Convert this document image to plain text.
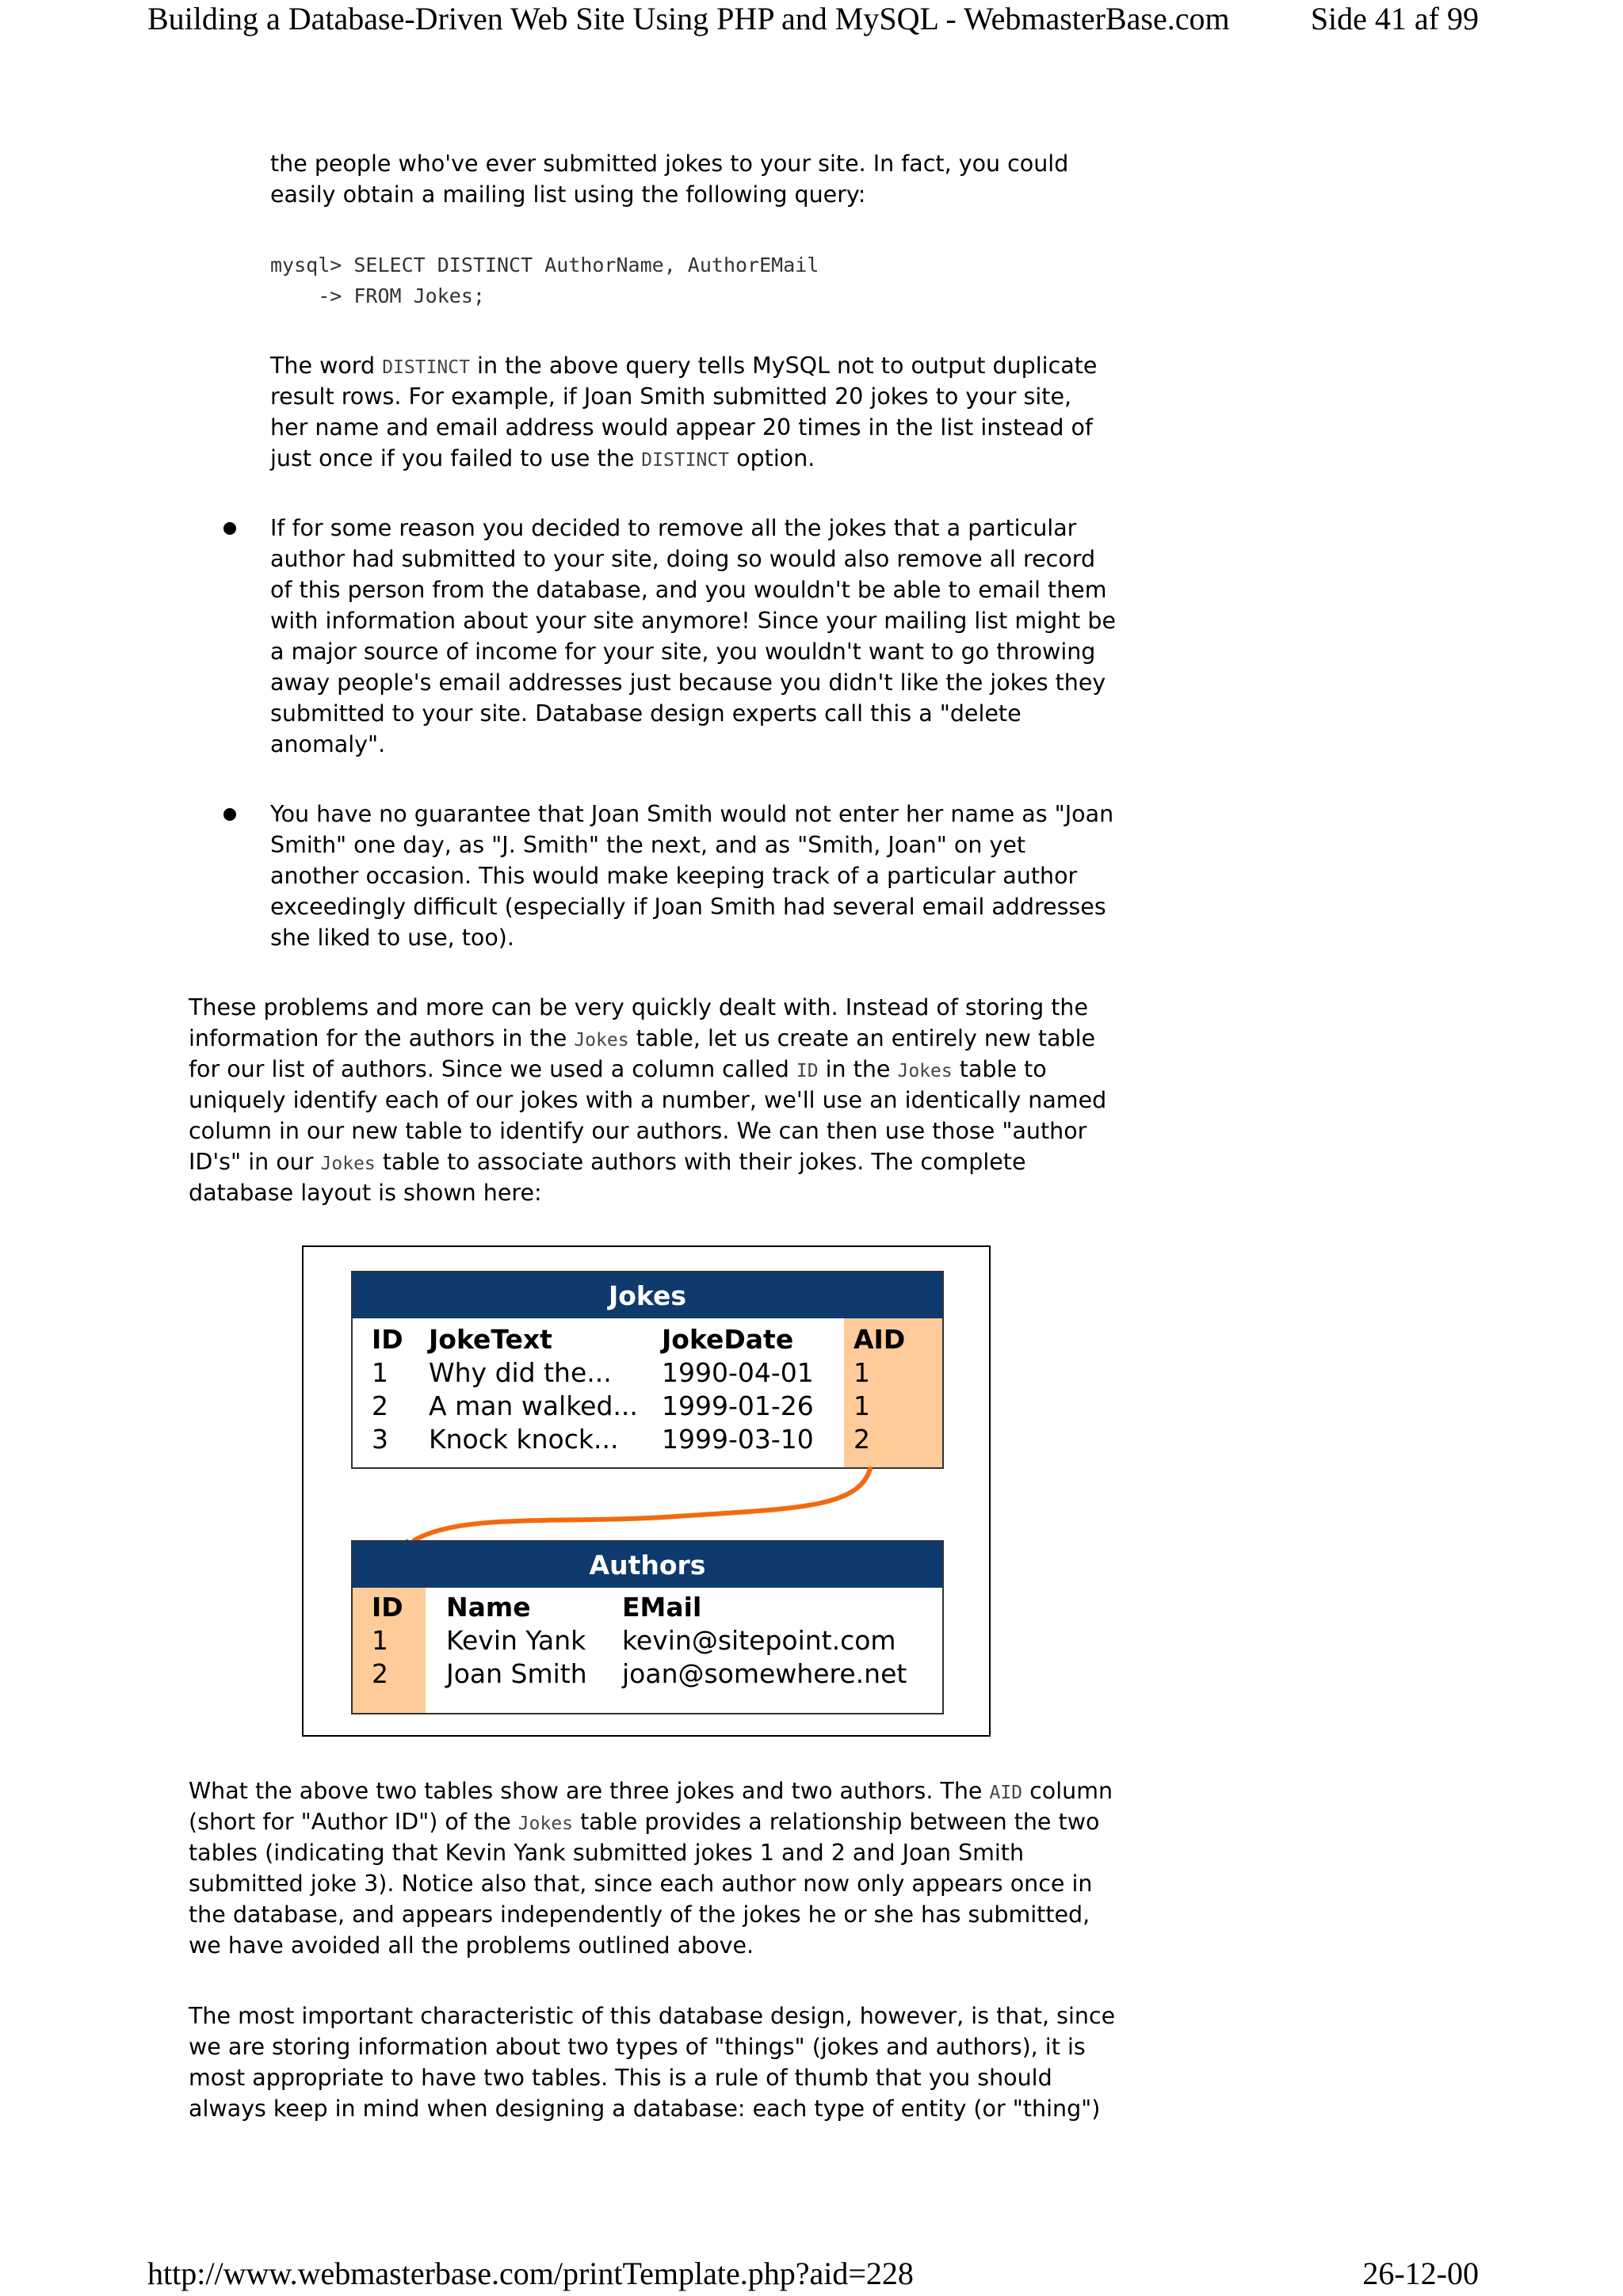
Building a Database-Driven Web Site Using PHP and MySQL - WebmasterBase.com	Side 41 af 99
the people who've ever submitted jokes to your site. In fact, you could
easily obtain a mailing list using the following query:
mysql> SELECT DISTINCT AuthorName, AuthorEMail
-> FROM Jokes;
The word DISTINCT in the above query tells MySQL not to output duplicate
result rows. For example, if Joan Smith submitted 20 jokes to your site,
her name and email address would appear 20 times in the list instead of
just once if you failed to use the DISTINCT option.
If for some reason you decided to remove all the jokes that a particular
author had submitted to your site, doing so would also remove all record
of this person from the database, and you wouldn't be able to email them
with information about your site anymore! Since your mailing list might be
a major source of income for your site, you wouldn't want to go throwing
away people's email addresses just because you didn't like the jokes they
submitted to your site. Database design experts call this a "delete
anomaly".
You have no guarantee that Joan Smith would not enter her name as "Joan
Smith" one day, as "J. Smith" the next, and as "Smith, Joan" on yet
another occasion. This would make keeping track of a particular author
exceedingly difficult (especially if Joan Smith had several email addresses
she liked to use, too).
These problems and more can be very quickly dealt with. Instead of storing the
information for the authors in the Jokes table, let us create an entirely new table
for our list of authors. Since we used a column called ID in the Jokes table to
uniquely identify each of our jokes with a number, we'll use an identically named
column in our new table to identify our authors. We can then use those "author
ID's" in our Jokes table to associate authors with their jokes. The complete
database layout is shown here:
Jokes
ID JokeText	JokeDate AID
1 Why did the... 1990-04-01 1
2 A man walked... 1999-01-26 1
3 Knock knock... 1999-03-10 2
Authors
ID Name	EMail
1 Kevin Yank kevin@sitepoint.com
2 Joan Smith joan@somewhere.net
What the above two tables show are three jokes and two authors. The AID column
(short for "Author ID") of the Jokes table provides a relationship between the two
tables (indicating that Kevin Yank submitted jokes 1 and 2 and Joan Smith
submitted joke 3). Notice also that, since each author now only appears once in
the database, and appears independently of the jokes he or she has submitted,
we have avoided all the problems outlined above.
The most important characteristic of this database design, however, is that, since
we are storing information about two types of "things" (jokes and authors), it is
most appropriate to have two tables. This is a rule of thumb that you should
always keep in mind when designing a database: each type of entity (or "thing")
http://www.webmasterbase.com/printTemplate.php?aid=228	26-12-00
